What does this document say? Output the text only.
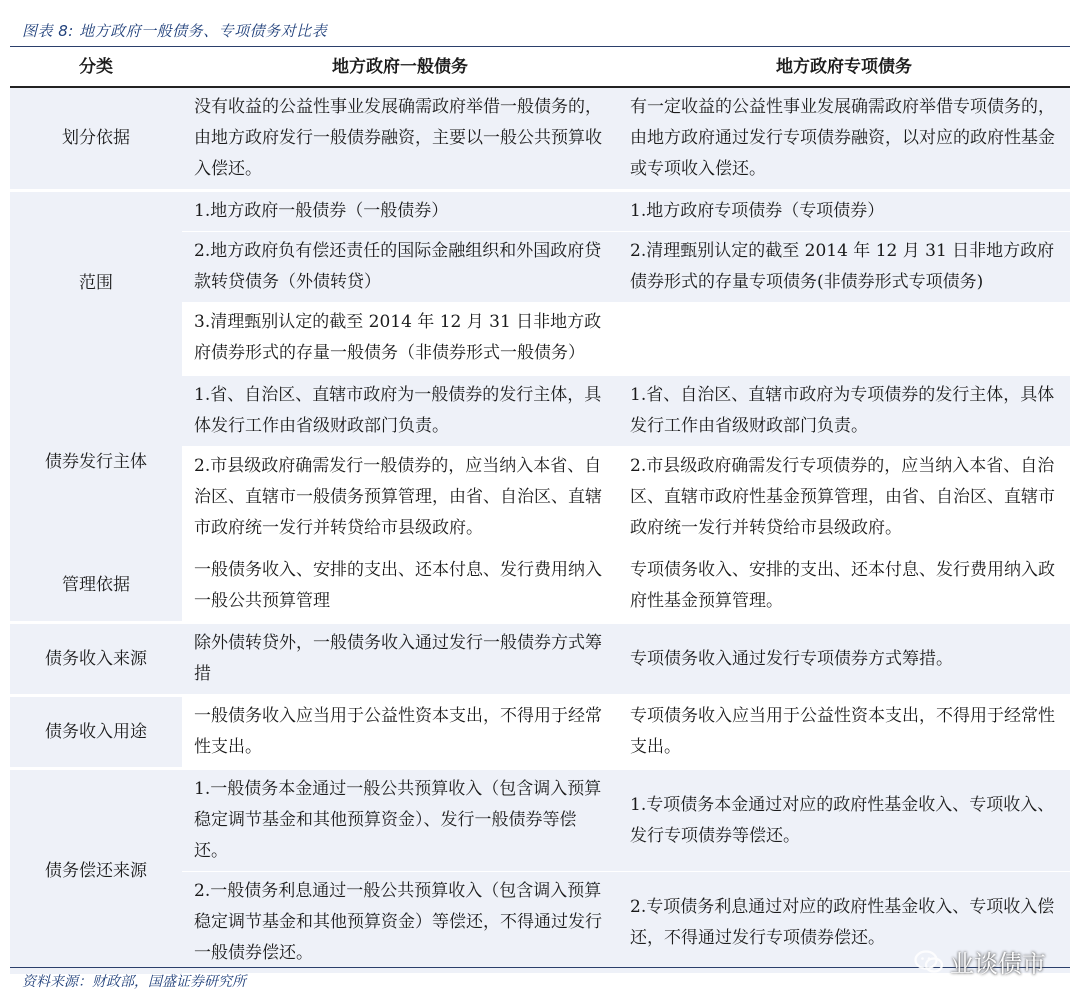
图表 8: 地方政府一般债务、专项债务对比表
分类	地方政府一般债务	地方政府专项债务
划分依据	没有收益的公益性事业发展确需政府举借一般债务的，由地方政府发行一般债券融资，主要以一般公共预算收入偿还。	有一定收益的公益性事业发展确需政府举借专项债务的，由地方政府通过发行专项债券融资，以对应的政府性基金或专项收入偿还。
范围	1.地方政府一般债券（一般债券）	1.地方政府专项债券（专项债券）
	2.地方政府负有偿还责任的国际金融组织和外国政府贷款转贷债务（外债转贷）	2.清理甄别认定的截至 2014 年 12 月 31 日非地方政府债券形式的存量专项债务(非债券形式专项债务)
	3.清理甄别认定的截至 2014 年 12 月 31 日非地方政府债券形式的存量一般债务（非债券形式一般债务）	
债券发行主体	1.省、自治区、直辖市政府为一般债券的发行主体，具体发行工作由省级财政部门负责。	1.省、自治区、直辖市政府为专项债券的发行主体，具体发行工作由省级财政部门负责。
	2.市县级政府确需发行一般债券的，应当纳入本省、自治区、直辖市一般债务预算管理，由省、自治区、直辖市政府统一发行并转贷给市县级政府。	2.市县级政府确需发行专项债券的，应当纳入本省、自治区、直辖市政府性基金预算管理，由省、自治区、直辖市政府统一发行并转贷给市县级政府。
管理依据	一般债务收入、安排的支出、还本付息、发行费用纳入一般公共预算管理	专项债务收入、安排的支出、还本付息、发行费用纳入政府性基金预算管理。
债务收入来源	除外债转贷外，一般债务收入通过发行一般债券方式筹措	专项债务收入通过发行专项债券方式筹措。
债务收入用途	一般债务收入应当用于公益性资本支出，不得用于经常性支出。	专项债务收入应当用于公益性资本支出，不得用于经常性支出。
债务偿还来源	1.一般债务本金通过一般公共预算收入（包含调入预算稳定调节基金和其他预算资金）、发行一般债券等偿还。	1.专项债务本金通过对应的政府性基金收入、专项收入、发行专项债券等偿还。
	2.一般债务利息通过一般公共预算收入（包含调入预算稳定调节基金和其他预算资金）等偿还，不得通过发行一般债券偿还。	2.专项债务利息通过对应的政府性基金收入、专项收入偿还，不得通过发行专项债券偿还。
资料来源：财政部，国盛证券研究所
业谈债市
